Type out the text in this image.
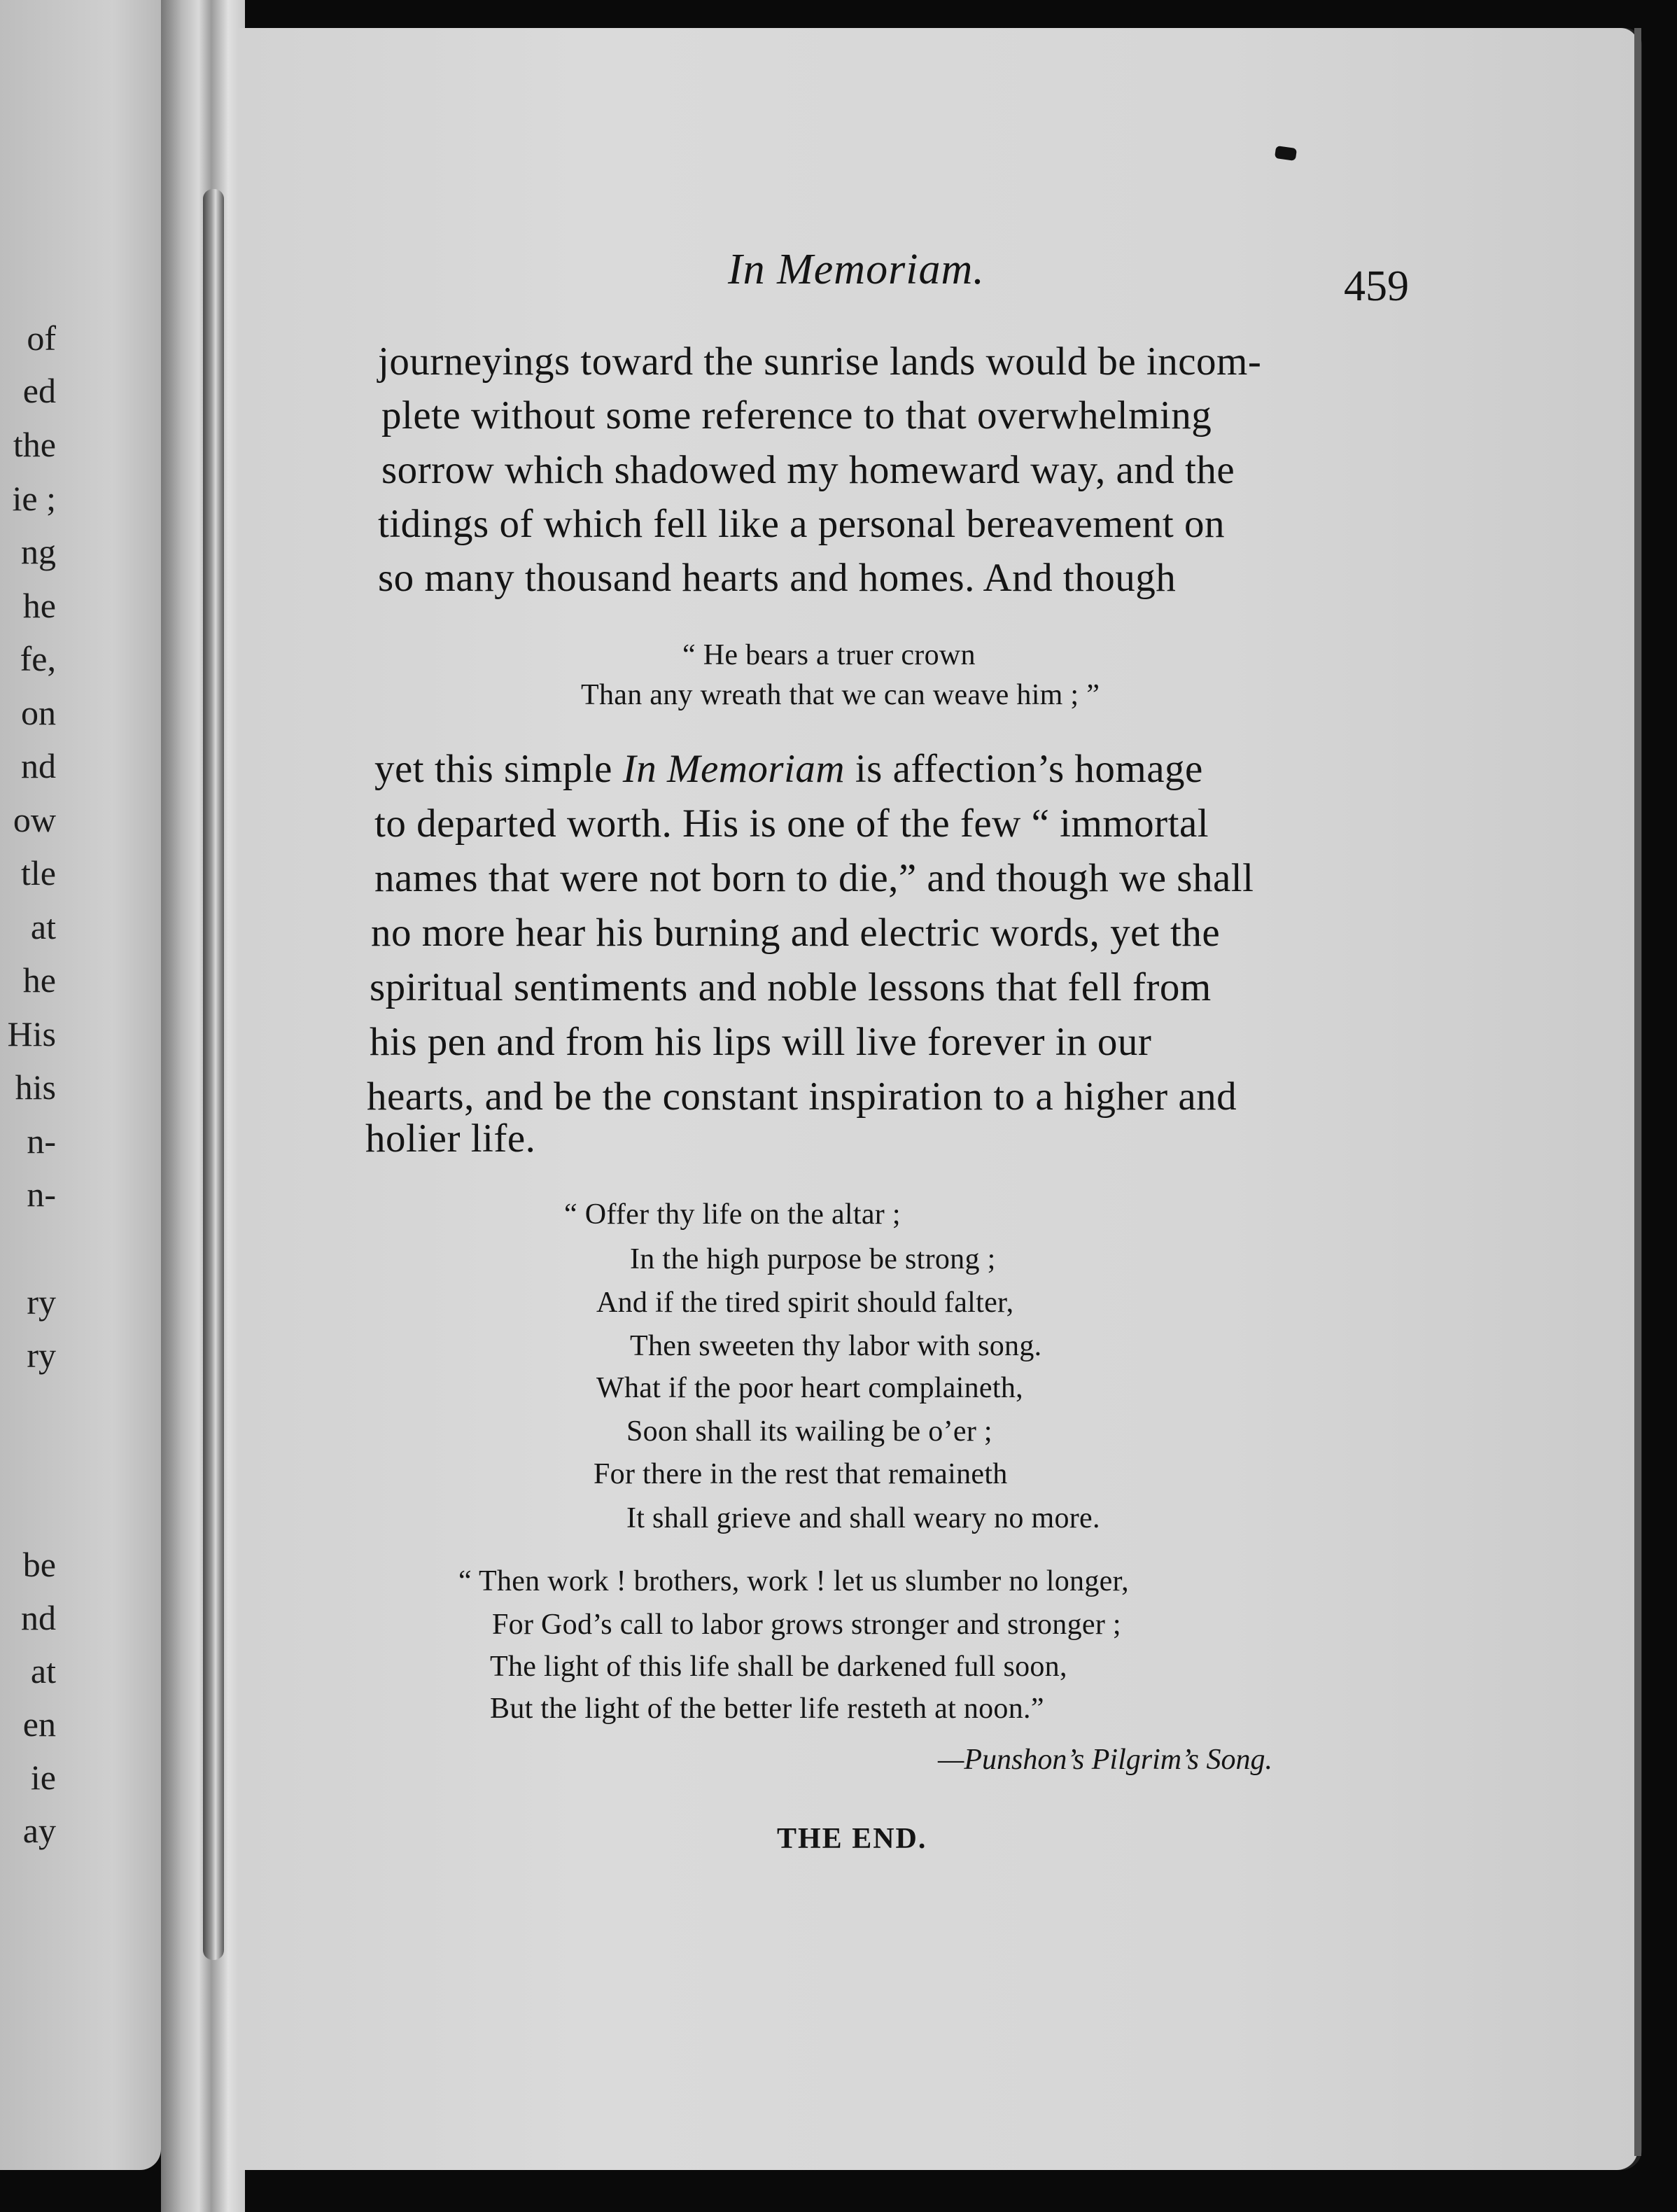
of
ed
the
ie ;
ng
he
fe,
on
nd
ow
tle
at
he
His
his
n-
n-
ry
ry
be
nd
at
en
ie
ay
In Memoriam.	459
journeyings toward the sunrise lands would be incom-
plete without some reference to that overwhelming
sorrow which shadowed my homeward way, and the
tidings of which fell like a personal bereavement on
so many thousand hearts and homes. And though
“ He bears a truer crown
Than any wreath that we can weave him ; ”
yet this simple In Memoriam is affection’s homage
to departed worth. His is one of the few “ immortal
names that were not born to die,” and though we shall
no more hear his burning and electric words, yet the
spiritual sentiments and noble lessons that fell from
his pen and from his lips will live forever in our
hearts, and be the constant inspiration to a higher and
holier life.
“ Offer thy life on the altar ;
In the high purpose be strong ;
And if the tired spirit should falter,
Then sweeten thy labor with song.
What if the poor heart complaineth,
Soon shall its wailing be o’er ;
For there in the rest that remaineth
It shall grieve and shall weary no more.
“ Then work ! brothers, work ! let us slumber no longer,
For God’s call to labor grows stronger and stronger ;
The light of this life shall be darkened full soon,
But the light of the better life resteth at noon.”
—Punshon’s Pilgrim’s Song.
THE END.
